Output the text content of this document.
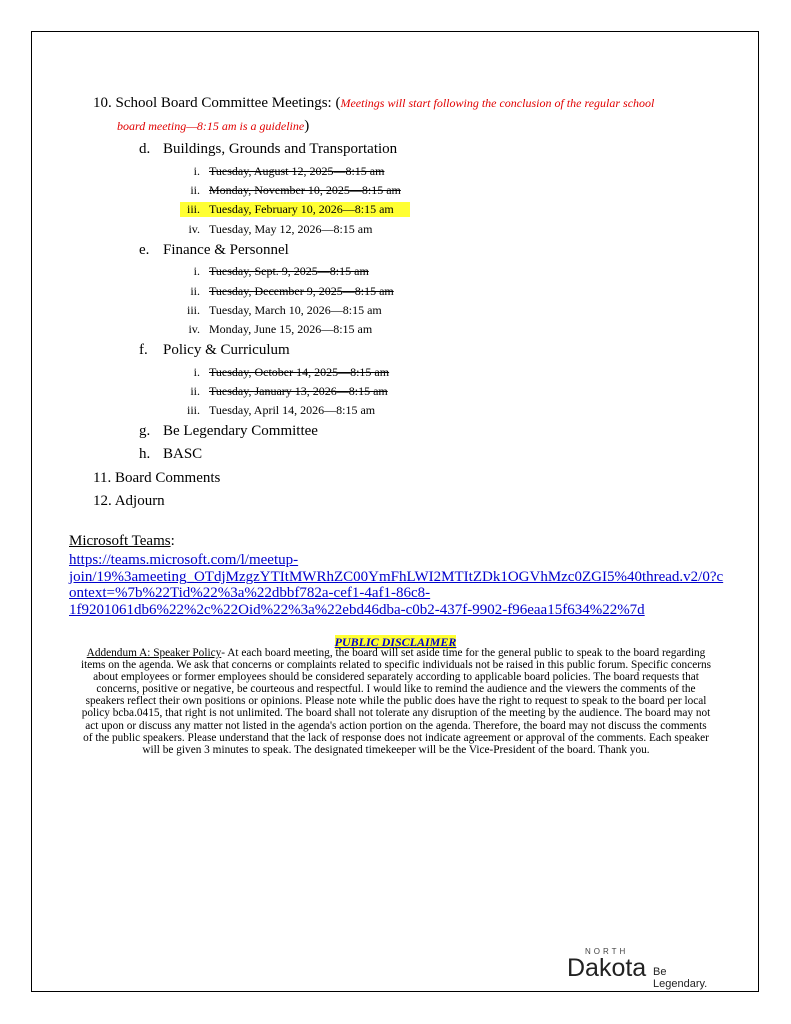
10. School Board Committee Meetings: (Meetings will start following the conclusion of the regular school
board meeting—8:15 am is a guideline)
d. Buildings, Grounds and Transportation
i. Tuesday, August 12, 2025—8:15 am
ii. Monday, November 10, 2025—8:15 am
iii. Tuesday, February 10, 2026—8:15 am
iv. Tuesday, May 12, 2026—8:15 am
e. Finance & Personnel
i. Tuesday, Sept. 9, 2025—8:15 am
ii. Tuesday, December 9, 2025—8:15 am
iii. Tuesday, March 10, 2026—8:15 am
iv. Monday, June 15, 2026—8:15 am
f. Policy & Curriculum
i. Tuesday, October 14, 2025—8:15 am
ii. Tuesday, January 13, 2026—8:15 am
iii. Tuesday, April 14, 2026—8:15 am
g. Be Legendary Committee
h. BASC
11. Board Comments
12. Adjourn
Microsoft Teams:
https://teams.microsoft.com/l/meetup-
join/19%3ameeting_OTdjMzgzYTItMWRhZC00YmFhLWI2MTItZDk1OGVhMzc0ZGI5%40thread.v2/0?c
ontext=%7b%22Tid%22%3a%22dbbf782a-cef1-4af1-86c8-
1f9201061db6%22%2c%22Oid%22%3a%22ebd46dba-c0b2-437f-9902-f96eaa15f634%22%7d
PUBLIC DISCLAIMER
Addendum A: Speaker Policy- At each board meeting, the board will set aside time for the general public to speak to the board regarding
items on the agenda. We ask that concerns or complaints related to specific individuals not be raised in this public forum. Specific concerns
about employees or former employees should be considered separately according to applicable board policies. The board requests that
concerns, positive or negative, be courteous and respectful. I would like to remind the audience and the viewers the comments of the
speakers reflect their own positions or opinions. Please note while the public does have the right to request to speak to the board per local
policy bcba.0415, that right is not unlimited. The board shall not tolerate any disruption of the meeting by the audience. The board may not
act upon or discuss any matter not listed in the agenda's action portion on the agenda. Therefore, the board may not discuss the comments
of the public speakers. Please understand that the lack of response does not indicate agreement or approval of the comments. Each speaker
will be given 3 minutes to speak. The designated timekeeper will be the Vice-President of the board. Thank you.
NORTH
Dakota Be Legendary.
